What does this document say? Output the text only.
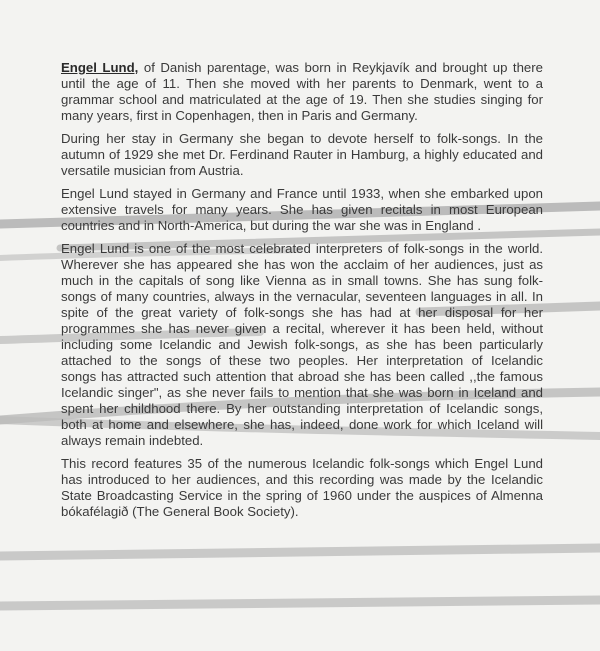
Engel Lund, of Danish parentage, was born in Reykjavík and brought up there
until the age of 11. Then she moved with her parents to Denmark, went to a
grammar school and matriculated at the age of 19. Then she studies singing for
many years, first in Copenhagen, then in Paris and Germany.
During her stay in Germany she began to devote herself to folk-songs. In the
autumn of 1929 she met Dr. Ferdinand Rauter in Hamburg, a highly educated and
versatile musician from Austria.
Engel Lund stayed in Germany and France until 1933, when she embarked upon
extensive travels for many years. She has given recitals in most European
countries and in North-America, but during the war she was in England .
Engel Lund is one of the most celebrated interpreters of folk-songs in the world.
Wherever she has appeared she has won the acclaim of her audiences, just as
much in the capitals of song like Vienna as in small towns. She has sung folk-
songs of many countries, always in the vernacular, seventeen languages in all. In
spite of the great variety of folk-songs she has had at her disposal for her
programmes she has never given a recital, wherever it has been held, without
including some Icelandic and Jewish folk-songs, as she has been particularly
attached to the songs of these two peoples. Her interpretation of Icelandic
songs has attracted such attention that abroad she has been called ,,the famous
Icelandic singer", as she never fails to mention that she was born in Iceland and
spent her childhood there. By her outstanding interpretation of Icelandic songs,
both at home and elsewhere, she has, indeed, done work for which Iceland will
always remain indebted.
This record features 35 of the numerous Icelandic folk-songs which Engel Lund
has introduced to her audiences, and this recording was made by the Icelandic
State Broadcasting Service in the spring of 1960 under the auspices of Almenna
bókafélagið (The General Book Society).
